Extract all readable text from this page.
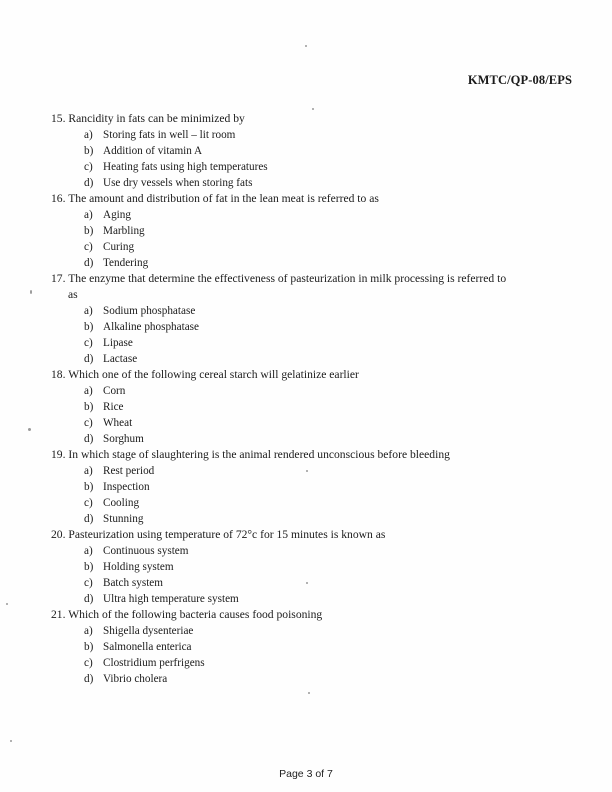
KMTC/QP-08/EPS
15. Rancidity in fats can be minimized by
a) Storing fats in well – lit room
b) Addition of vitamin A
c) Heating fats using high temperatures
d) Use dry vessels when storing fats
16. The amount and distribution of fat in the lean meat is referred to as
a) Aging
b) Marbling
c) Curing
d) Tendering
17. The enzyme that determine the effectiveness of pasteurization in milk processing is referred to
as
a) Sodium phosphatase
b) Alkaline phosphatase
c) Lipase
d) Lactase
18. Which one of the following cereal starch will gelatinize earlier
a) Corn
b) Rice
c) Wheat
d) Sorghum
19. In which stage of slaughtering is the animal rendered unconscious before bleeding
a) Rest period
b) Inspection
c) Cooling
d) Stunning
20. Pasteurization using temperature of 72°c for 15 minutes is known as
a) Continuous system
b) Holding system
c) Batch system
d) Ultra high temperature system
21. Which of the following bacteria causes food poisoning
a) Shigella dysenteriae
b) Salmonella enterica
c) Clostridium perfrigens
d) Vibrio cholera
Page 3 of 7
